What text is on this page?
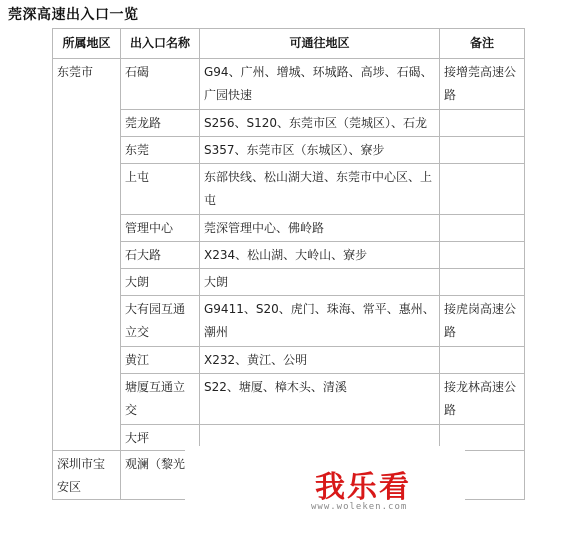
莞深高速出入口一览
所属地区	出入口名称	可通往地区	备注
东莞市	石碣	G94、广州、增城、环城路、高埗、石碣、广园快速	接增莞高速公路
	莞龙路	S256、S120、东莞市区（莞城区）、石龙	
	东莞	S357、东莞市区（东城区）、寮步	
	上屯	东部快线、松山湖大道、东莞市中心区、上屯	
	管理中心	莞深管理中心、佛岭路	
	石大路	X234、松山湖、大岭山、寮步	
	大朗	大朗	
	大有园互通立交	G9411、S20、虎门、珠海、常平、惠州、潮州	接虎岗高速公路
	黄江	X232、黄江、公明	
	塘厦互通立交	S22、塘厦、樟木头、清溪	接龙林高速公路
	大坪		
深圳市宝安区	观澜（黎光		
我乐看
www.woleken.com
